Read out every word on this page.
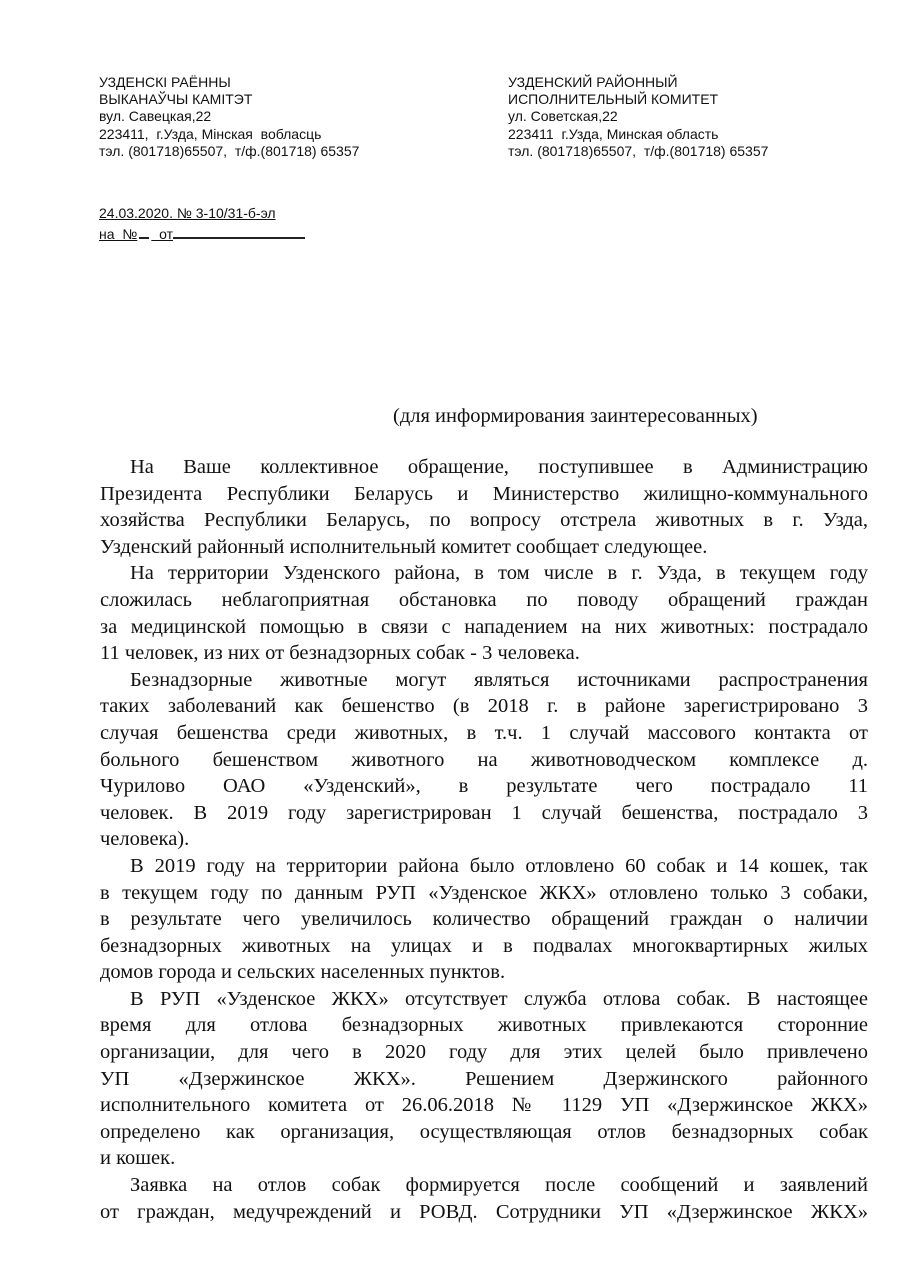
УЗДЕНСКІ РАЁННЫ
ВЫКАНАЎЧЫ КАМІТЭТ
вул. Савецкая,22
223411,  г.Узда, Мінская  вобласць
тэл. (801718)65507,  т/ф.(801718) 65357
УЗДЕНСКИЙ РАЙОННЫЙ
ИСПОЛНИТЕЛЬНЫЙ КОМИТЕТ
ул. Советская,22
223411  г.Узда, Минская область
тэл. (801718)65507,  т/ф.(801718) 65357
24.03.2020. № 3-10/31-б-эл
на  №  от
(для информирования заинтересованных)
На Ваше коллективное обращение, поступившее в Администрацию
Президента Республики Беларусь и Министерство жилищно-коммунального
хозяйства Республики Беларусь, по вопросу отстрела животных в г. Узда,
Узденский районный исполнительный комитет сообщает следующее.
На территории Узденского района, в том числе в г. Узда, в текущем году
сложилась неблагоприятная обстановка по поводу обращений граждан
за медицинской помощью в связи с нападением на них животных: пострадало
11 человек, из них от безнадзорных собак - 3 человека.
Безнадзорные животные могут являться источниками распространения
таких заболеваний как бешенство (в 2018 г. в районе зарегистрировано 3
случая бешенства среди животных, в т.ч. 1 случай массового контакта от
больного бешенством животного на животноводческом комплексе д.
Чурилово ОАО «Узденский», в результате чего пострадало 11
человек. В 2019 году зарегистрирован 1 случай бешенства, пострадало 3
человека).
В 2019 году на территории района было отловлено 60 собак и 14 кошек, так
в текущем году по данным РУП «Узденское ЖКХ» отловлено только 3 собаки,
в результате чего увеличилось количество обращений граждан о наличии
безнадзорных животных на улицах и в подвалах многоквартирных жилых
домов города и сельских населенных пунктов.
В РУП «Узденское ЖКХ» отсутствует служба отлова собак. В настоящее
время для отлова безнадзорных животных привлекаются сторонние
организации, для чего в 2020 году для этих целей было привлечено
УП «Дзержинское ЖКХ». Решением Дзержинского районного
исполнительного комитета от 26.06.2018 № 1129 УП «Дзержинское ЖКХ»
определено как организация, осуществляющая отлов безнадзорных собак
и кошек.
Заявка на отлов собак формируется после сообщений и заявлений
от граждан, медучреждений и РОВД. Сотрудники УП «Дзержинское ЖКХ»
